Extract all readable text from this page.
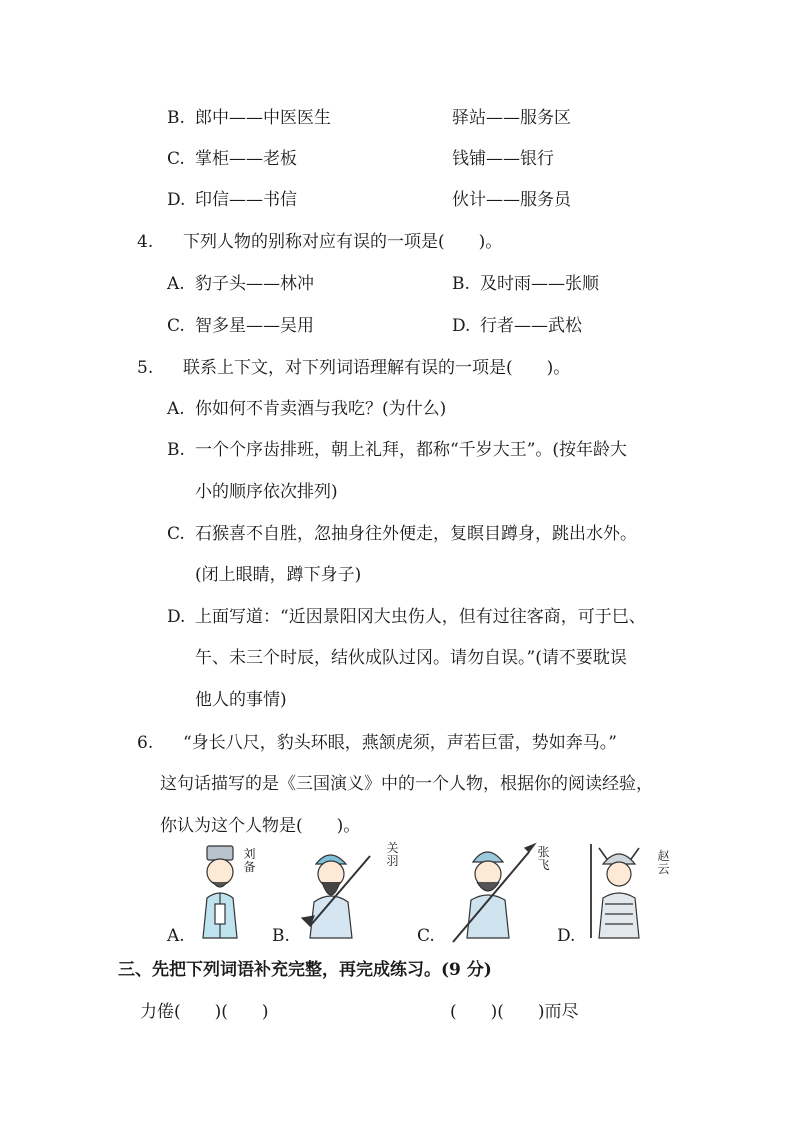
B. 郎中——中医医生	驿站——服务区
C. 掌柜——老板	钱铺——银行
D. 印信——书信	伙计——服务员
4. 下列人物的别称对应有误的一项是(　　)。
A. 豹子头——林冲	B. 及时雨——张顺
C. 智多星——吴用	D. 行者——武松
5. 联系上下文，对下列词语理解有误的一项是(　　)。
A. 你如何不肯卖酒与我吃？(为什么)
B. 一个个序齿排班，朝上礼拜，都称“千岁大王”。(按年龄大
小的顺序依次排列)
C. 石猴喜不自胜，忽抽身往外便走，复瞑目蹲身，跳出水外。
(闭上眼睛，蹲下身子)
D. 上面写道：“近因景阳冈大虫伤人，但有过往客商，可于巳、
午、未三个时辰，结伙成队过冈。请勿自误。”(请不要耽误
他人的事情)
6. “身长八尺，豹头环眼，燕颔虎须，声若巨雷，势如奔马。”
这句话描写的是《三国演义》中的一个人物，根据你的阅读经验，
你认为这个人物是(　　)。
A.
刘备
B.
关羽
C.
张飞
D.
赵云
三、先把下列词语补充完整，再完成练习。(9 分)
力倦(　　)(　　)	(　　)(　　)而尽
